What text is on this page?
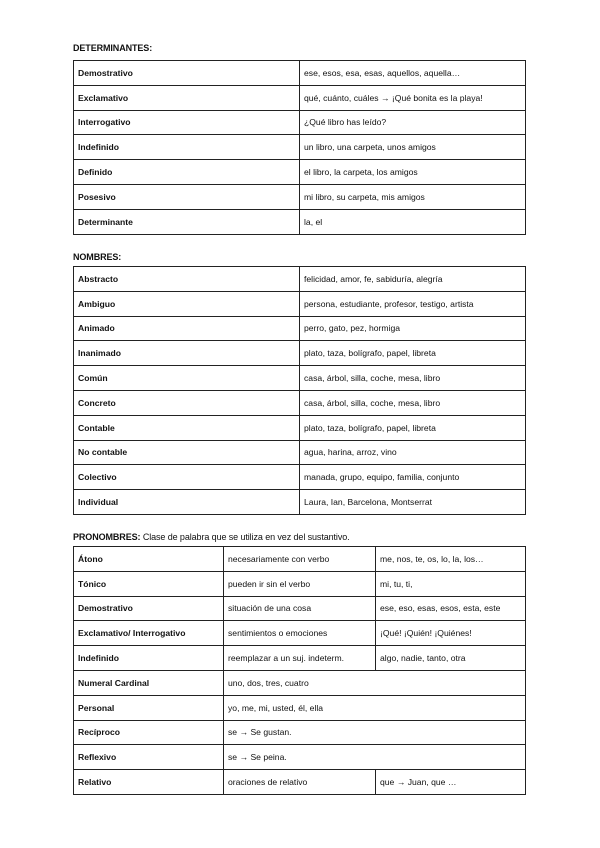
DETERMINANTES:
Demostrativo	ese, esos, esa, esas, aquellos, aquella…
Exclamativo	qué, cuánto, cuáles → ¡Qué bonita es la playa!
Interrogativo	¿Qué libro has leído?
Indefinido	un libro, una carpeta, unos amigos
Definido	el libro, la carpeta, los amigos
Posesivo	mi libro, su carpeta, mis amigos
Determinante	la, el
NOMBRES:
Abstracto	felicidad, amor, fe, sabiduría, alegría
Ambiguo	persona, estudiante, profesor, testigo, artista
Animado	perro, gato, pez, hormiga
Inanimado	plato, taza, bolígrafo, papel, libreta
Común	casa, árbol, silla, coche, mesa, libro
Concreto	casa, árbol, silla, coche, mesa, libro
Contable	plato, taza, bolígrafo, papel, libreta
No contable	agua, harina, arroz, vino
Colectivo	manada, grupo, equipo, familia, conjunto
Individual	Laura, Ian, Barcelona, Montserrat
PRONOMBRES: Clase de palabra que se utiliza en vez del sustantivo.
Átono	necesariamente con verbo	me, nos, te, os, lo, la, los…
Tónico	pueden ir sin el verbo	mi, tu, ti,
Demostrativo	situación de una cosa	ese, eso, esas, esos, esta, este
Exclamativo/ Interrogativo	sentimientos o emociones	¡Qué! ¡Quién! ¡Quiénes!
Indefinido	reemplazar a un suj. indeterm.	algo, nadie, tanto, otra
Numeral Cardinal	uno, dos, tres, cuatro	
Personal	yo, me, mi, usted, él, ella	
Recíproco	se → Se gustan.	
Reflexivo	se → Se peina.	
Relativo	oraciones de relativo	que → Juan, que …
